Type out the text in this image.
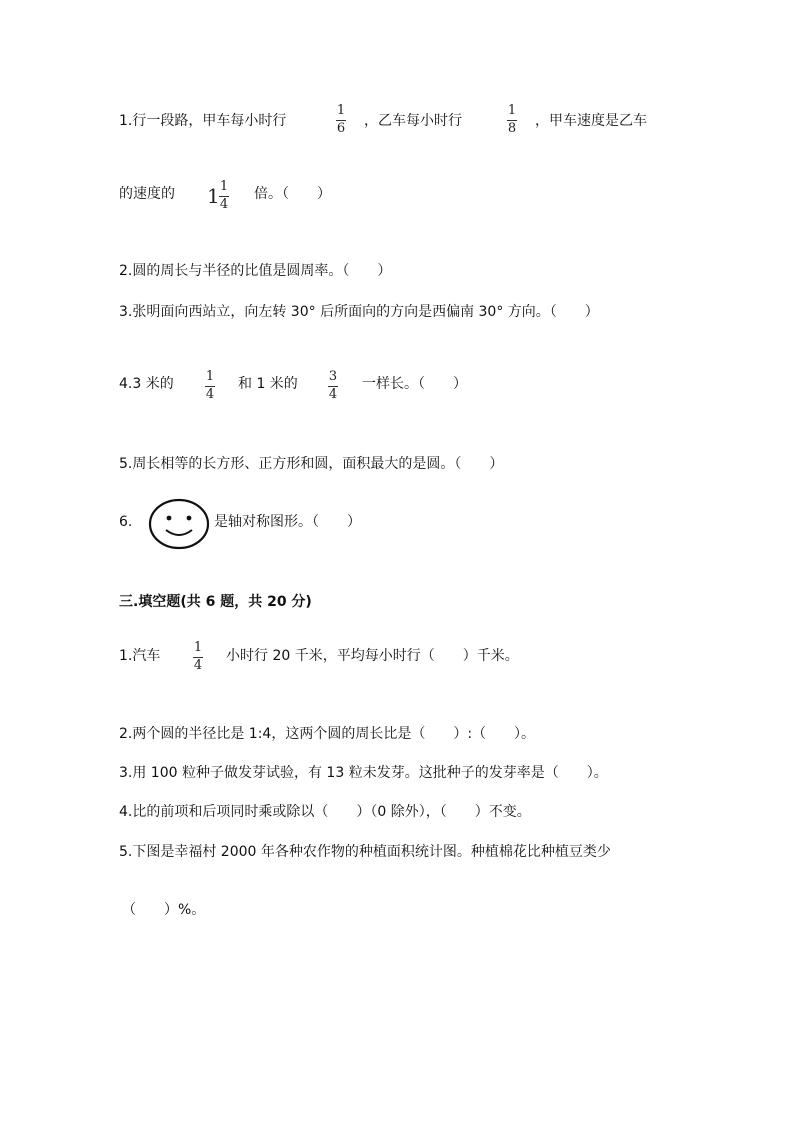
1.行一段路，甲车每小时行
1
6 ，乙车每小时行
1
8 ，甲车速度是乙车
的速度的 1 1
4
倍。（　　）
2.圆的周长与半径的比值是圆周率。（　　）
3.张明面向西站立，向左转 30° 后所面向的方向是西偏南 30° 方向。（　　）
4.3 米的 1
4
和 1 米的 3
4
一样长。（　　）
5.周长相等的长方形、正方形和圆，面积最大的是圆。（　　）
6.	是轴对称图形。（　　）
三.填空题(共 6 题，共 20 分)
1.汽车
1
4
小时行 20 千米，平均每小时行（　　）千米。
2.两个圆的半径比是 1:4，这两个圆的周长比是（　　）:（　　）。
3.用 100 粒种子做发芽试验，有 13 粒未发芽。这批种子的发芽率是（　　）。
4.比的前项和后项同时乘或除以（　　）（0 除外），（　　）不变。
5.下图是幸福村 2000 年各种农作物的种植面积统计图。种植棉花比种植豆类少
（　　）%。
